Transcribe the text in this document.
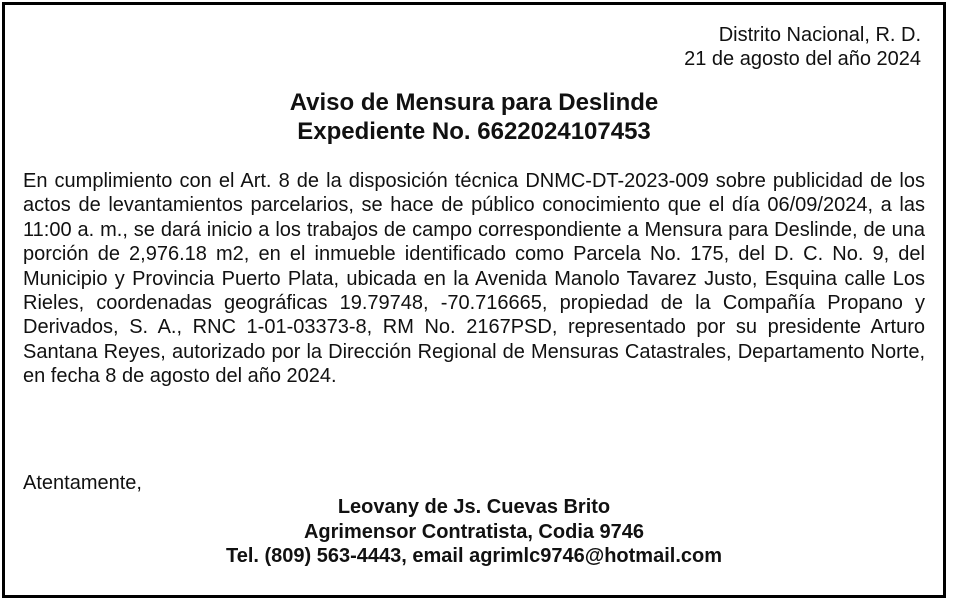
Distrito Nacional, R. D.
21 de agosto del año 2024
Aviso de Mensura para Deslinde
Expediente No. 6622024107453
En cumplimiento con el Art. 8 de la disposición técnica DNMC-DT-2023-009 sobre publicidad de los actos de levantamientos parcelarios, se hace de público conocimiento que el día 06/09/2024, a las 11:00 a. m., se dará inicio a los trabajos de campo correspondiente a Mensura para Deslinde, de una porción de 2,976.18 m2, en el inmueble identificado como Parcela No. 175, del D. C. No. 9, del Municipio y Provincia Puerto Plata, ubicada en la Avenida Manolo Tavarez Justo, Esquina calle Los Rieles, coordenadas geográficas 19.79748, -70.716665, propiedad de la Compañía Propano y Derivados, S. A., RNC 1-01-03373-8, RM No. 2167PSD, representado por su presidente Arturo Santana Reyes, autorizado por la Dirección Regional de Mensuras Catastrales, Departamento Norte, en fecha 8 de agosto del año 2024.
Atentamente,
Leovany de Js. Cuevas Brito
Agrimensor Contratista, Codia 9746
Tel. (809) 563-4443, email agrimlc9746@hotmail.com
